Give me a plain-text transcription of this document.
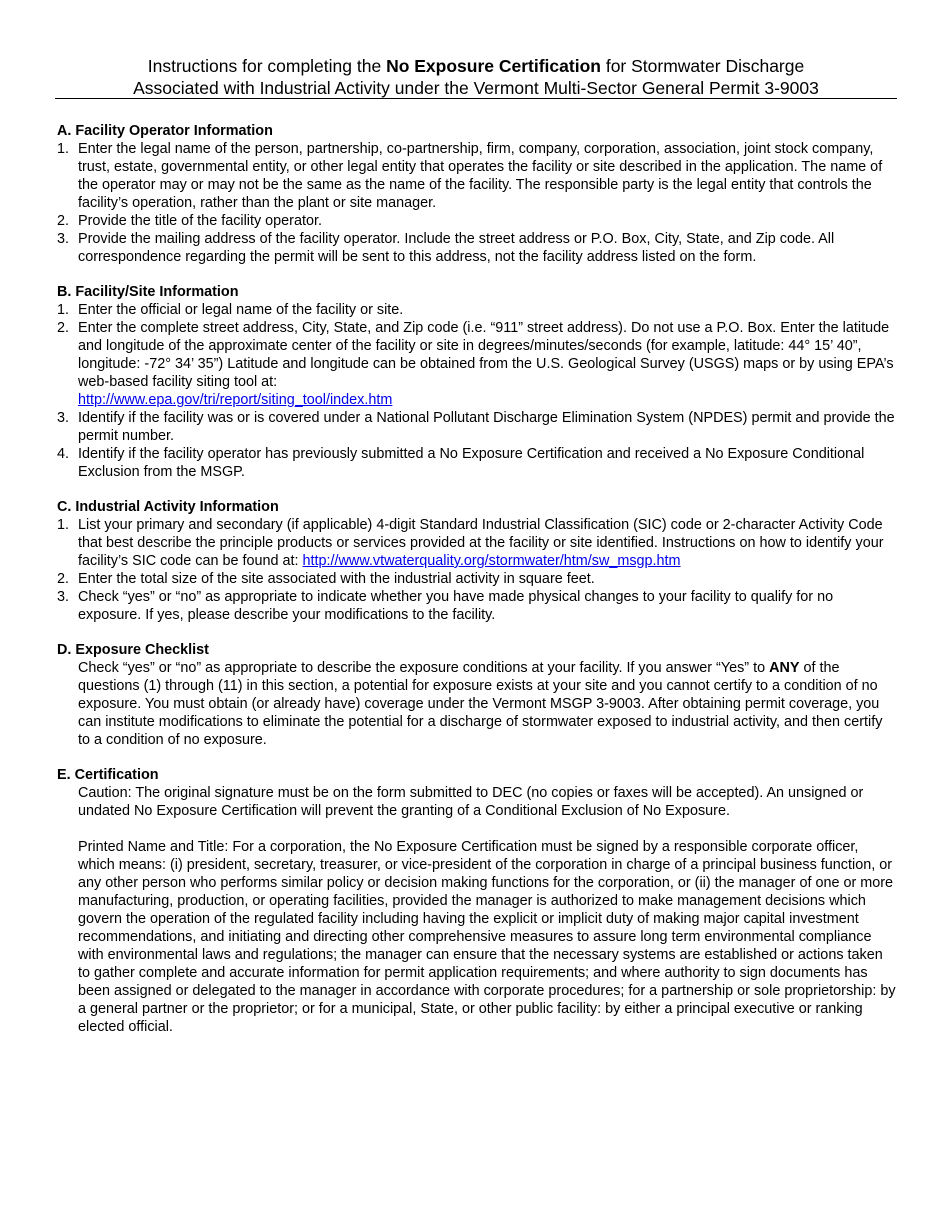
Instructions for completing the No Exposure Certification for Stormwater Discharge
Associated with Industrial Activity under the Vermont Multi-Sector General Permit 3-9003
A. Facility Operator Information
1. Enter the legal name of the person, partnership, co-partnership, firm, company, corporation, association, joint stock company, trust, estate, governmental entity, or other legal entity that operates the facility or site described in the application. The name of the operator may or may not be the same as the name of the facility. The responsible party is the legal entity that controls the facility’s operation, rather than the plant or site manager.
2. Provide the title of the facility operator.
3. Provide the mailing address of the facility operator. Include the street address or P.O. Box, City, State, and Zip code. All correspondence regarding the permit will be sent to this address, not the facility address listed on the form.
B. Facility/Site Information
1. Enter the official or legal name of the facility or site.
2. Enter the complete street address, City, State, and Zip code (i.e. “911” street address). Do not use a P.O. Box. Enter the latitude and longitude of the approximate center of the facility or site in degrees/minutes/seconds (for example, latitude: 44° 15’ 40”, longitude: -72° 34’ 35”) Latitude and longitude can be obtained from the U.S. Geological Survey (USGS) maps or by using EPA’s web-based facility siting tool at:
http://www.epa.gov/tri/report/siting_tool/index.htm
3. Identify if the facility was or is covered under a National Pollutant Discharge Elimination System (NPDES) permit and provide the permit number.
4. Identify if the facility operator has previously submitted a No Exposure Certification and received a No Exposure Conditional Exclusion from the MSGP.
C. Industrial Activity Information
1. List your primary and secondary (if applicable) 4-digit Standard Industrial Classification (SIC) code or 2-character Activity Code that best describe the principle products or services provided at the facility or site identified. Instructions on how to identify your facility’s SIC code can be found at: http://www.vtwaterquality.org/stormwater/htm/sw_msgp.htm
2. Enter the total size of the site associated with the industrial activity in square feet.
3. Check “yes” or “no” as appropriate to indicate whether you have made physical changes to your facility to qualify for no exposure. If yes, please describe your modifications to the facility.
D. Exposure Checklist
Check “yes” or “no” as appropriate to describe the exposure conditions at your facility. If you answer “Yes” to ANY of the questions (1) through (11) in this section, a potential for exposure exists at your site and you cannot certify to a condition of no exposure. You must obtain (or already have) coverage under the Vermont MSGP 3-9003. After obtaining permit coverage, you can institute modifications to eliminate the potential for a discharge of stormwater exposed to industrial activity, and then certify to a condition of no exposure.
E. Certification
Caution: The original signature must be on the form submitted to DEC (no copies or faxes will be accepted). An unsigned or undated No Exposure Certification will prevent the granting of a Conditional Exclusion of No Exposure.
Printed Name and Title: For a corporation, the No Exposure Certification must be signed by a responsible corporate officer, which means: (i) president, secretary, treasurer, or vice-president of the corporation in charge of a principal business function, or any other person who performs similar policy or decision making functions for the corporation, or (ii) the manager of one or more manufacturing, production, or operating facilities, provided the manager is authorized to make management decisions which govern the operation of the regulated facility including having the explicit or implicit duty of making major capital investment recommendations, and initiating and directing other comprehensive measures to assure long term environmental compliance with environmental laws and regulations; the manager can ensure that the necessary systems are established or actions taken to gather complete and accurate information for permit application requirements; and where authority to sign documents has been assigned or delegated to the manager in accordance with corporate procedures; for a partnership or sole proprietorship: by a general partner or the proprietor; or for a municipal, State, or other public facility: by either a principal executive or ranking elected official.
